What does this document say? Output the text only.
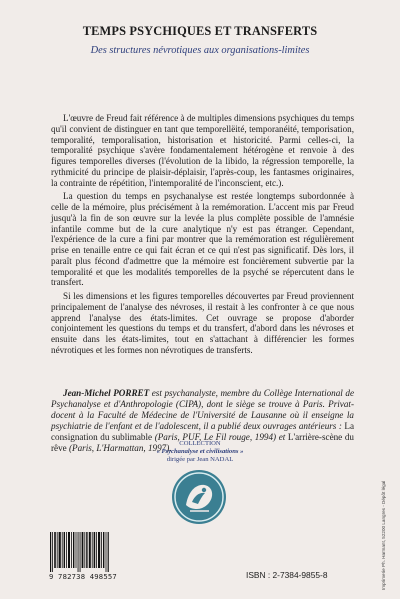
TEMPS PSYCHIQUES ET TRANSFERTS
Des structures névrotiques aux organisations-limites

L'œuvre de Freud fait référence à de multiples dimensions psychiques du temps qu'il convient de distinguer en tant que temporellëité, temporanéité, temporisation, temporalité, temporalisation, historisation et historicité. Parmi celles-ci, la temporalité psychique s'avère fondamentalement hétérogène et renvoie à des figures temporelles diverses (l'évolution de la libido, la régression temporelle, la rythmicité du principe de plaisir-déplaisir, l'après-coup, les fantasmes originaires, la contrainte de répétition, l'intemporalité de l'inconscient, etc.).

La question du temps en psychanalyse est restée longtemps subordonnée à celle de la mémoire, plus précisément à la remémoration. L'accent mis par Freud jusqu'à la fin de son œuvre sur la levée la plus complète possible de l'amnésie infantile comme but de la cure analytique n'y est pas étranger. Cependant, l'expérience de la cure a fini par montrer que la remémoration est régulièrement prise en tenaille entre ce qui fait écran et ce qui n'est pas significatif. Dès lors, il paraît plus fécond d'admettre que la mémoire est foncièrement subvertie par la temporalité et que les modalités temporelles de la psyché se répercutent dans le transfert.

Si les dimensions et les figures temporelles découvertes par Freud proviennent principalement de l'analyse des névroses, il restait à les confronter à ce que nous apprend l'analyse des états-limites. Cet ouvrage se propose d'aborder conjointement les questions du temps et du transfert, d'abord dans les névroses et ensuite dans les états-limites, tout en s'attachant à différencier les formes névrotiques et les formes non névrotiques de transferts.

Jean-Michel PORRET est psychanalyste, membre du Collège International de Psychanalyse et d'Anthropologie (CIPA), dont le siège se trouve à Paris. Privat-docent à la Faculté de Médecine de l'Université de Lausanne où il enseigne la psychiatrie de l'enfant et de l'adolescent, il a publié deux ouvrages antérieurs : La consignation du sublimable (Paris, PUF, Le Fil rouge, 1994) et L'arrière-scène du rêve (Paris, L'Harmattan, 1997).	COLLECTION
« Psychanalyse et civilisations »
dirigée par Jean NADAL
9 782738 498557	ISBN : 2-7384-9855-8	Imprimerie Ph. Harmant, 52200 Langres - Dépôt légal
